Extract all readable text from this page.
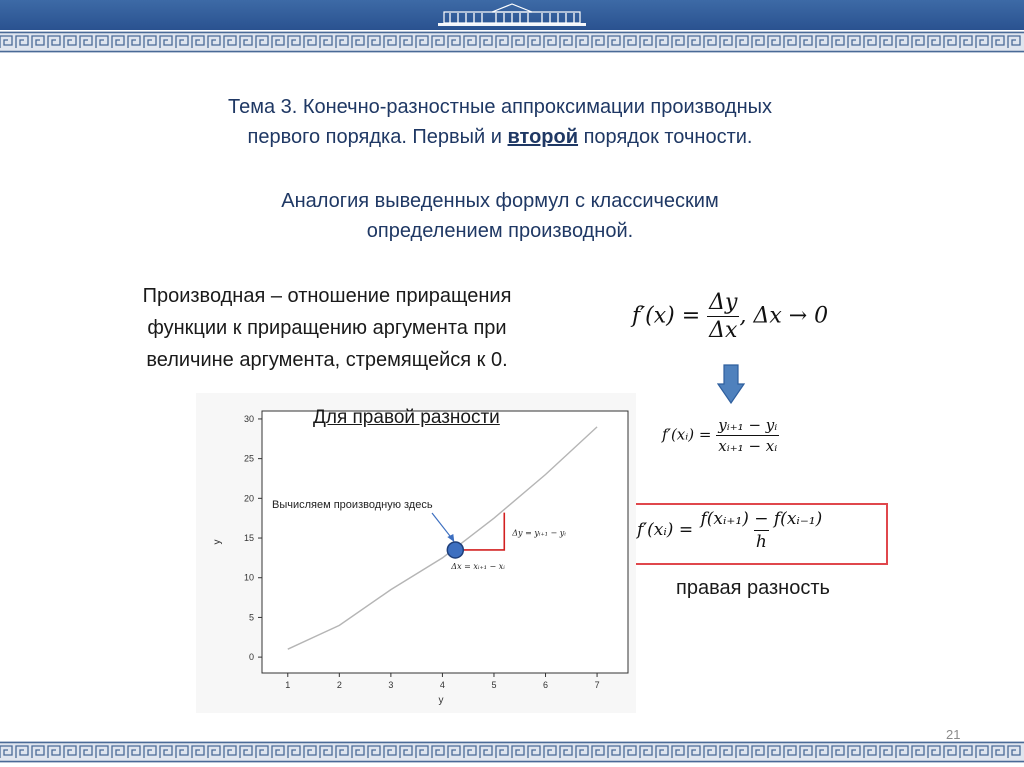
Тема 3. Конечно-разностные аппроксимации производных
первого порядка. Первый и второй порядок точности.
Аналогия выведенных формул с классическим
определением производной.
Производная – отношение приращения
функции к приращению аргумента при
величине аргумента, стремящейся к 0.
$f'(x) = \frac{\Delta y}{\Delta x}$ , Δx → 0
f′(xᵢ) = $\frac{\text{yᵢ₊₁ − yᵢ}}{\text{xᵢ₊₁ − xᵢ}}$
f′(xᵢ) = $\frac{\text{f(xᵢ₊₁) − f(xᵢ₋₁)}}{h}$
правая разность
1	2	3	4	5	6	7
0
5
10
15
20
25
30
y
y
Δy = yᵢ₊₁ − yᵢ
Δx = xᵢ₊₁ − xᵢ
Для правой разности
Вычисляем производную здесь
21
